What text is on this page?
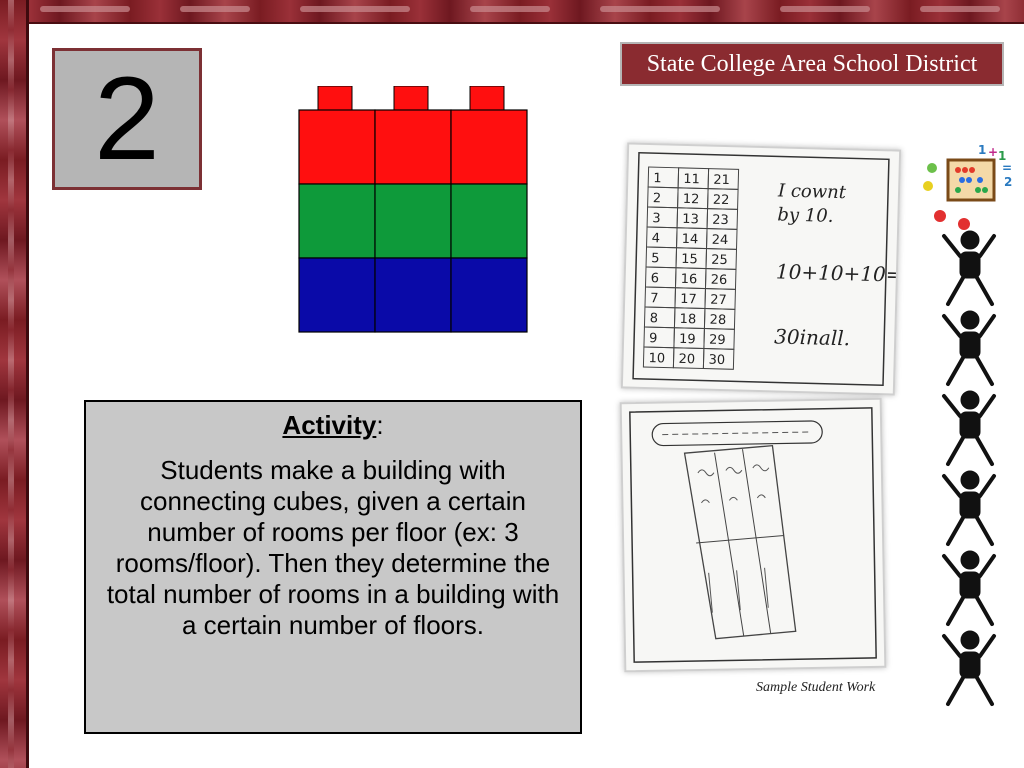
2	State College Area School District

Activity:

Students make a building with connecting cubes, given a certain number of rooms per floor (ex: 3 rooms/floor). Then they determine the total number of rooms in a building with a certain number of floors.

1 11 21
2 12 22
3 13 23
4 14 24
5 15 25
6 16 26
7 17 27
8 18 28
9 19 29
10 20 30
I cownt
by 10.
10+10+10=
30inall.
Sample Student Work
1 + 1
=
2
